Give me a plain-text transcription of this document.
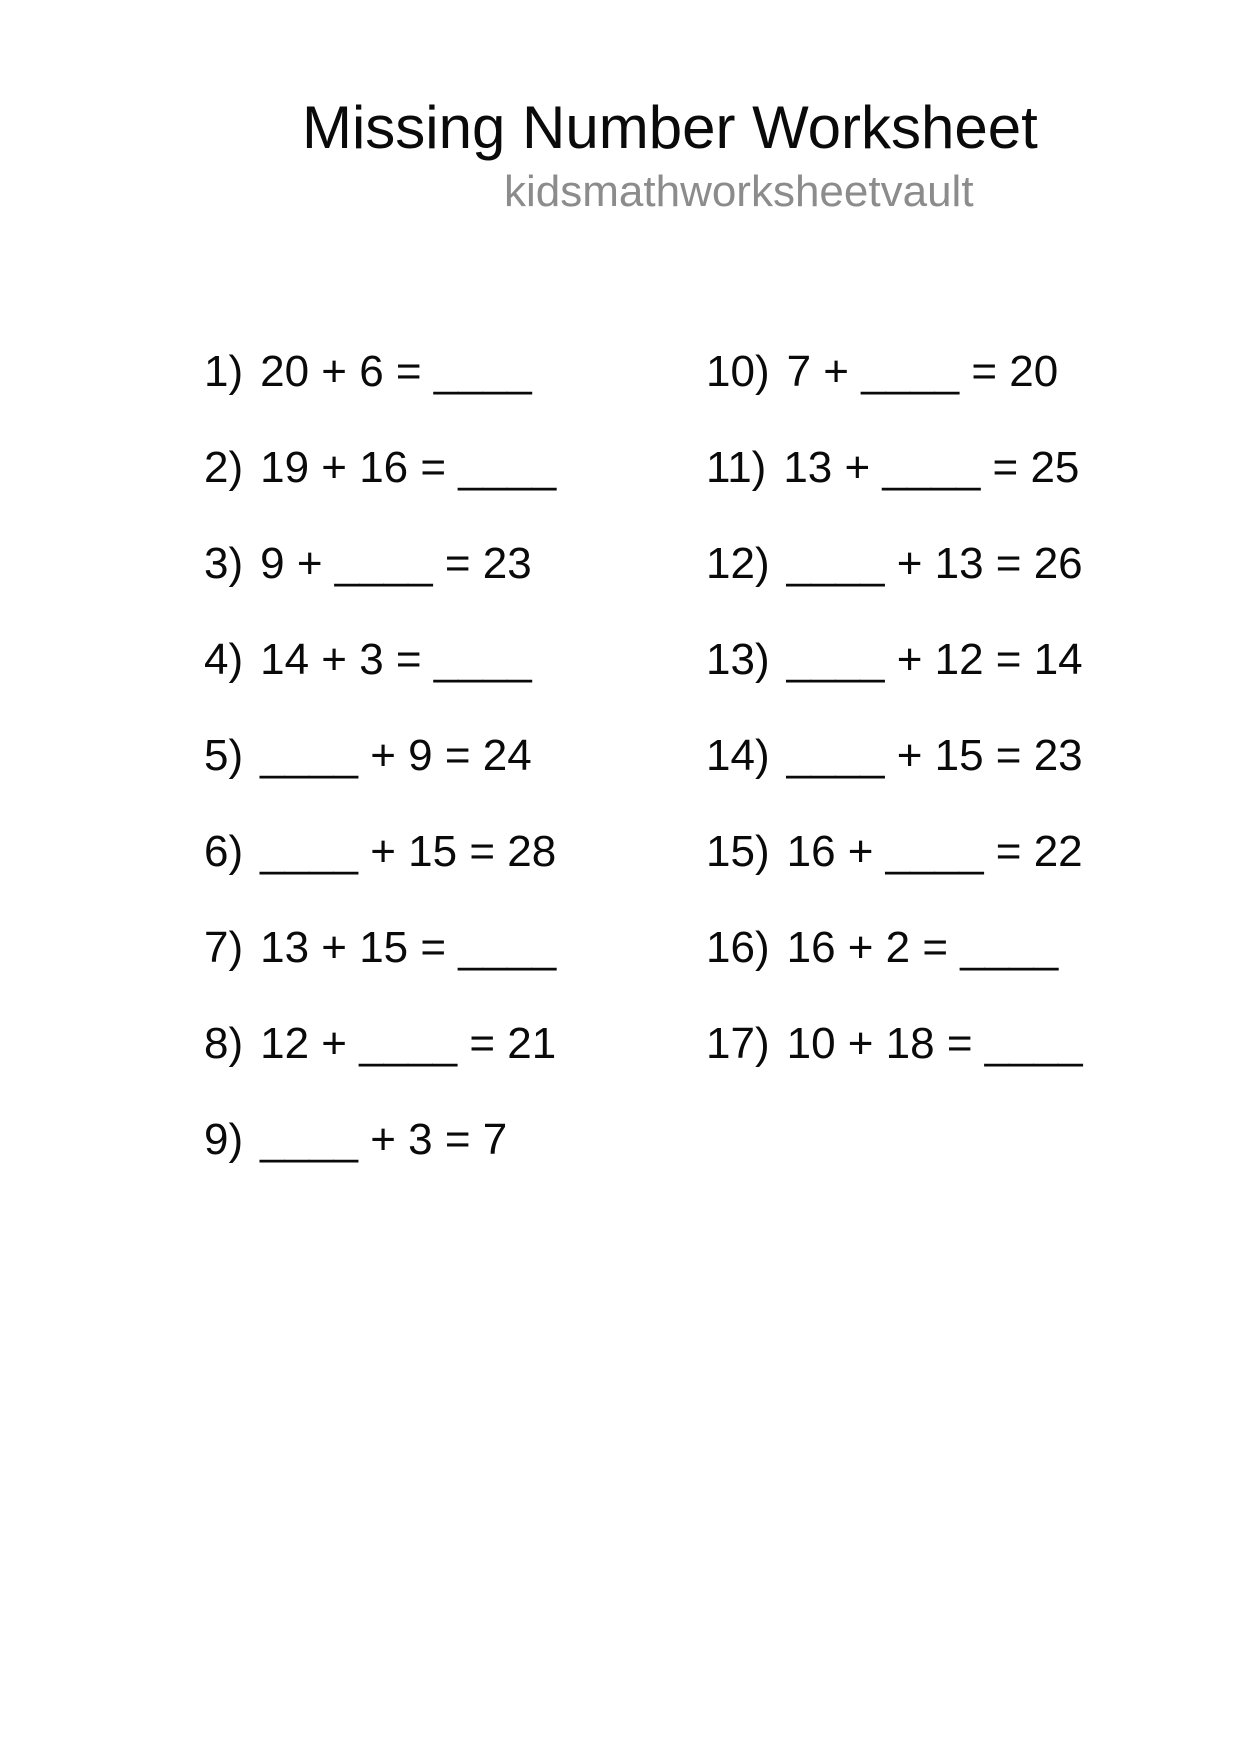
Missing Number Worksheet
kidsmathworksheetvault
1) 20 + 6 = ____
2) 19 + 16 = ____
3) 9 + ____ = 23
4) 14 + 3 = ____
5) ____ + 9 = 24
6) ____ + 15 = 28
7) 13 + 15 = ____
8) 12 + ____ = 21
9) ____ + 3 = 7
10) 7 + ____ = 20
11) 13 + ____ = 25
12) ____ + 13 = 26
13) ____ + 12 = 14
14) ____ + 15 = 23
15) 16 + ____ = 22
16) 16 + 2 = ____
17) 10 + 18 = ____
